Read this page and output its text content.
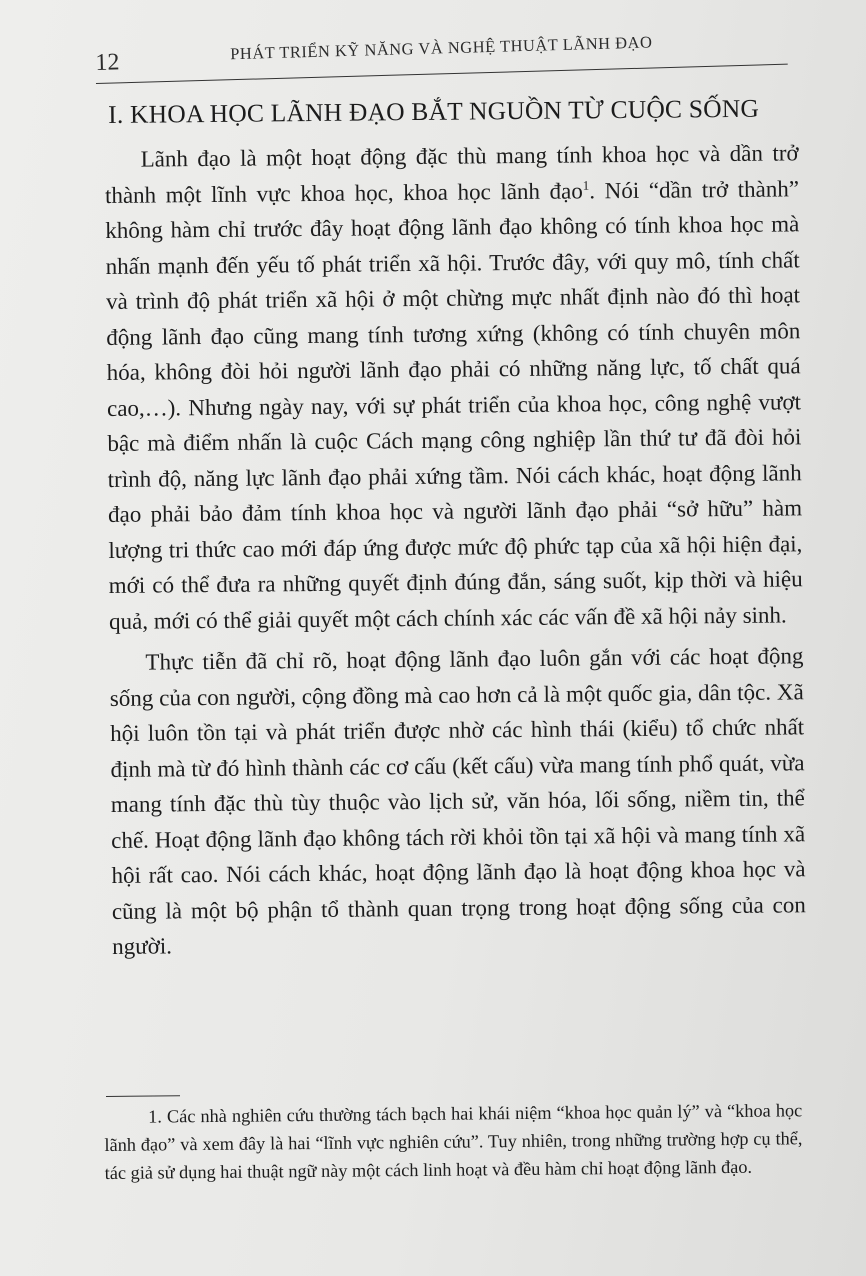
12	PHÁT TRIỂN KỸ NĂNG VÀ NGHỆ THUẬT LÃNH ĐẠO
I. KHOA HỌC LÃNH ĐẠO BẮT NGUỒN TỪ CUỘC SỐNG

Lãnh đạo là một hoạt động đặc thù mang tính khoa học và dần trở thành một lĩnh vực khoa học, khoa học lãnh đạo$^1$. Nói “dần trở thành” không hàm chỉ trước đây hoạt động lãnh đạo không có tính khoa học mà nhấn mạnh đến yếu tố phát triển xã hội. Trước đây, với quy mô, tính chất và trình độ phát triển xã hội ở một chừng mực nhất định nào đó thì hoạt động lãnh đạo cũng mang tính tương xứng (không có tính chuyên môn hóa, không đòi hỏi người lãnh đạo phải có những năng lực, tố chất quá cao,…). Nhưng ngày nay, với sự phát triển của khoa học, công nghệ vượt bậc mà điểm nhấn là cuộc Cách mạng công nghiệp lần thứ tư đã đòi hỏi trình độ, năng lực lãnh đạo phải xứng tầm. Nói cách khác, hoạt động lãnh đạo phải bảo đảm tính khoa học và người lãnh đạo phải “sở hữu” hàm lượng tri thức cao mới đáp ứng được mức độ phức tạp của xã hội hiện đại, mới có thể đưa ra những quyết định đúng đắn, sáng suốt, kịp thời và hiệu quả, mới có thể giải quyết một cách chính xác các vấn đề xã hội nảy sinh.

Thực tiễn đã chỉ rõ, hoạt động lãnh đạo luôn gắn với các hoạt động sống của con người, cộng đồng mà cao hơn cả là một quốc gia, dân tộc. Xã hội luôn tồn tại và phát triển được nhờ các hình thái (kiểu) tổ chức nhất định mà từ đó hình thành các cơ cấu (kết cấu) vừa mang tính phổ quát, vừa mang tính đặc thù tùy thuộc vào lịch sử, văn hóa, lối sống, niềm tin, thể chế. Hoạt động lãnh đạo không tách rời khỏi tồn tại xã hội và mang tính xã hội rất cao. Nói cách khác, hoạt động lãnh đạo là hoạt động khoa học và cũng là một bộ phận tổ thành quan trọng trong hoạt động sống của con người.

1. Các nhà nghiên cứu thường tách bạch hai khái niệm “khoa học quản lý” và “khoa học lãnh đạo” và xem đây là hai “lĩnh vực nghiên cứu”. Tuy nhiên, trong những trường hợp cụ thể, tác giả sử dụng hai thuật ngữ này một cách linh hoạt và đều hàm chỉ hoạt động lãnh đạo.
